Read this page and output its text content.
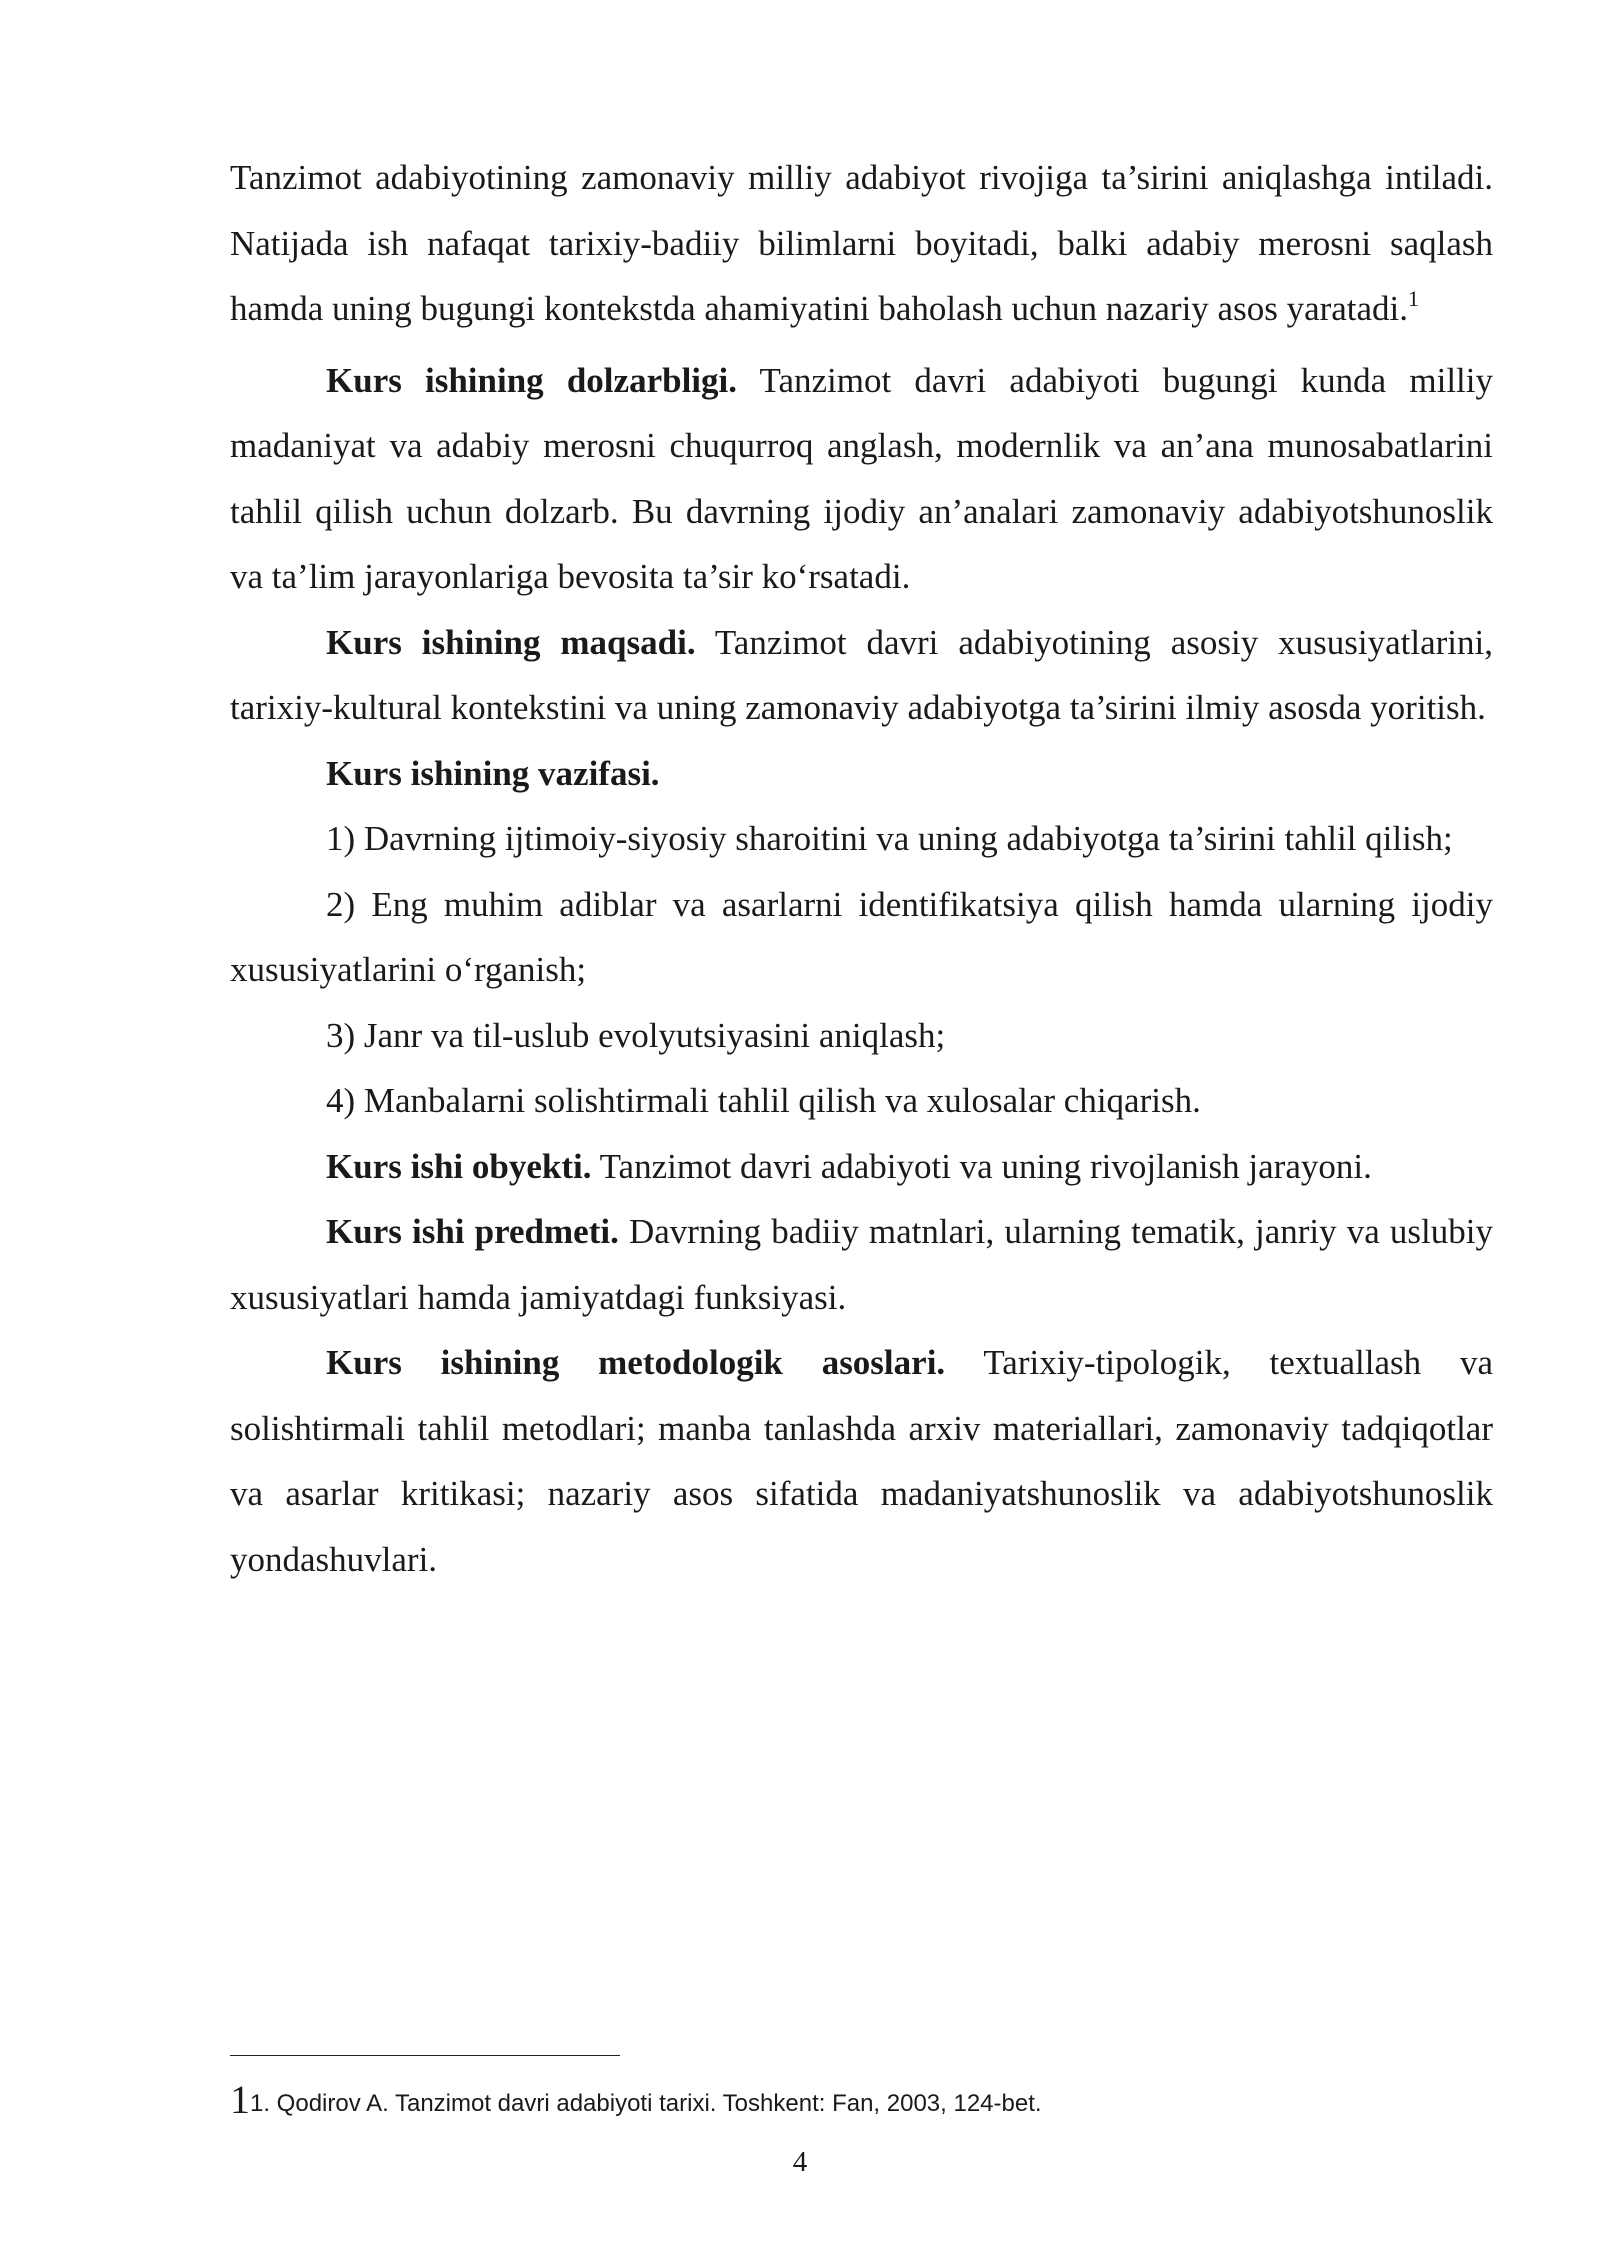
Tanzimot adabiyotining zamonaviy milliy adabiyot rivojiga ta’sirini aniqlashga intiladi. Natijada ish nafaqat tarixiy-badiiy bilimlarni boyitadi, balki adabiy merosni saqlash hamda uning bugungi kontekstda ahamiyatini baholash uchun nazariy asos yaratadi.$^1$

Kurs ishining dolzarbligi. Tanzimot davri adabiyoti bugungi kunda milliy madaniyat va adabiy merosni chuqurroq anglash, modernlik va an’ana munosabatlarini tahlil qilish uchun dolzarb. Bu davrning ijodiy an’analari zamonaviy adabiyotshunoslik va ta’lim jarayonlariga bevosita ta’sir ko‘rsatadi.

Kurs ishining maqsadi. Tanzimot davri adabiyotining asosiy xususiyatlarini, tarixiy-kultural kontekstini va uning zamonaviy adabiyotga ta’sirini ilmiy asosda yoritish.

Kurs ishining vazifasi.

1) Davrning ijtimoiy-siyosiy sharoitini va uning adabiyotga ta’sirini tahlil qilish;

2) Eng muhim adiblar va asarlarni identifikatsiya qilish hamda ularning ijodiy xususiyatlarini o‘rganish;

3) Janr va til-uslub evolyutsiyasini aniqlash;

4) Manbalarni solishtirmali tahlil qilish va xulosalar chiqarish.

Kurs ishi obyekti. Tanzimot davri adabiyoti va uning rivojlanish jarayoni.

Kurs ishi predmeti. Davrning badiiy matnlari, ularning tematik, janriy va uslubiy xususiyatlari hamda jamiyatdagi funksiyasi.

Kurs ishining metodologik asoslari. Tarixiy-tipologik, textuallash va solishtirmali tahlil metodlari; manba tanlashda arxiv materiallari, zamonaviy tadqiqotlar va asarlar kritikasi; nazariy asos sifatida madaniyatshunoslik va adabiyotshunoslik yondashuvlari.

11. Qodirov A. Tanzimot davri adabiyoti tarixi. Toshkent: Fan, 2003, 124-bet.
4
